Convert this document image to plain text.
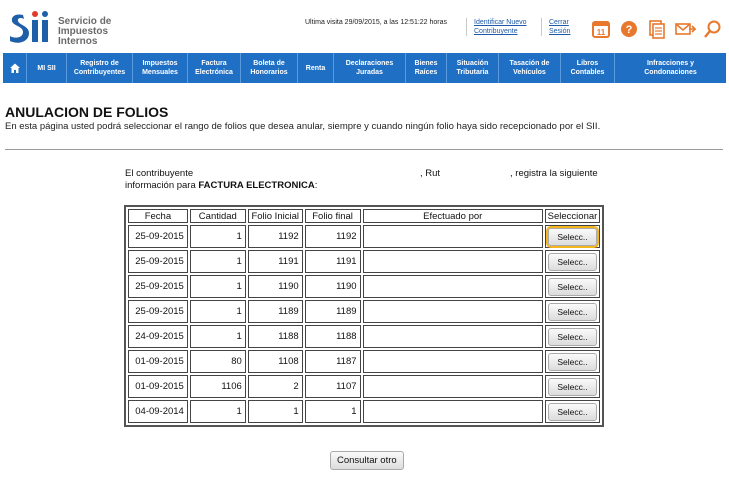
Servicio de
Impuestos
Internos
Ultima visita 29/09/2015, a las 12:51:22 horas	Identificar Nuevo
Contribuyente
Cerrar
Sesión	11 ?
MI SII
Registro de
Contribuyentes
Impuestos
Mensuales
Factura
Electrónica
Boleta de
Honorarios
Renta
Declaraciones
Juradas
Bienes
Raíces
Situación
Tributaria
Tasación de
Vehículos
Libros
Contables
Infracciones y
Condonaciones
ANULACION DE FOLIOS
En esta página usted podrá seleccionar el rango de folios que desea anular, siempre y cuando ningún folio haya sido recepcionado por el SII.
El contribuyente	, Rut	, registra la siguiente
información para FACTURA ELECTRONICA:
Fecha	Cantidad	Folio Inicial	Folio final	Efectuado por	Seleccionar
25-09-2015	1	1192	1192		Selecc..
25-09-2015	1	1191	1191		Selecc..
25-09-2015	1	1190	1190		Selecc..
25-09-2015	1	1189	1189		Selecc..
24-09-2015	1	1188	1188		Selecc..
01-09-2015	80	1108	1187		Selecc..
01-09-2015	1106	2	1107		Selecc..
04-09-2014	1	1	1		Selecc..
Consultar otro
